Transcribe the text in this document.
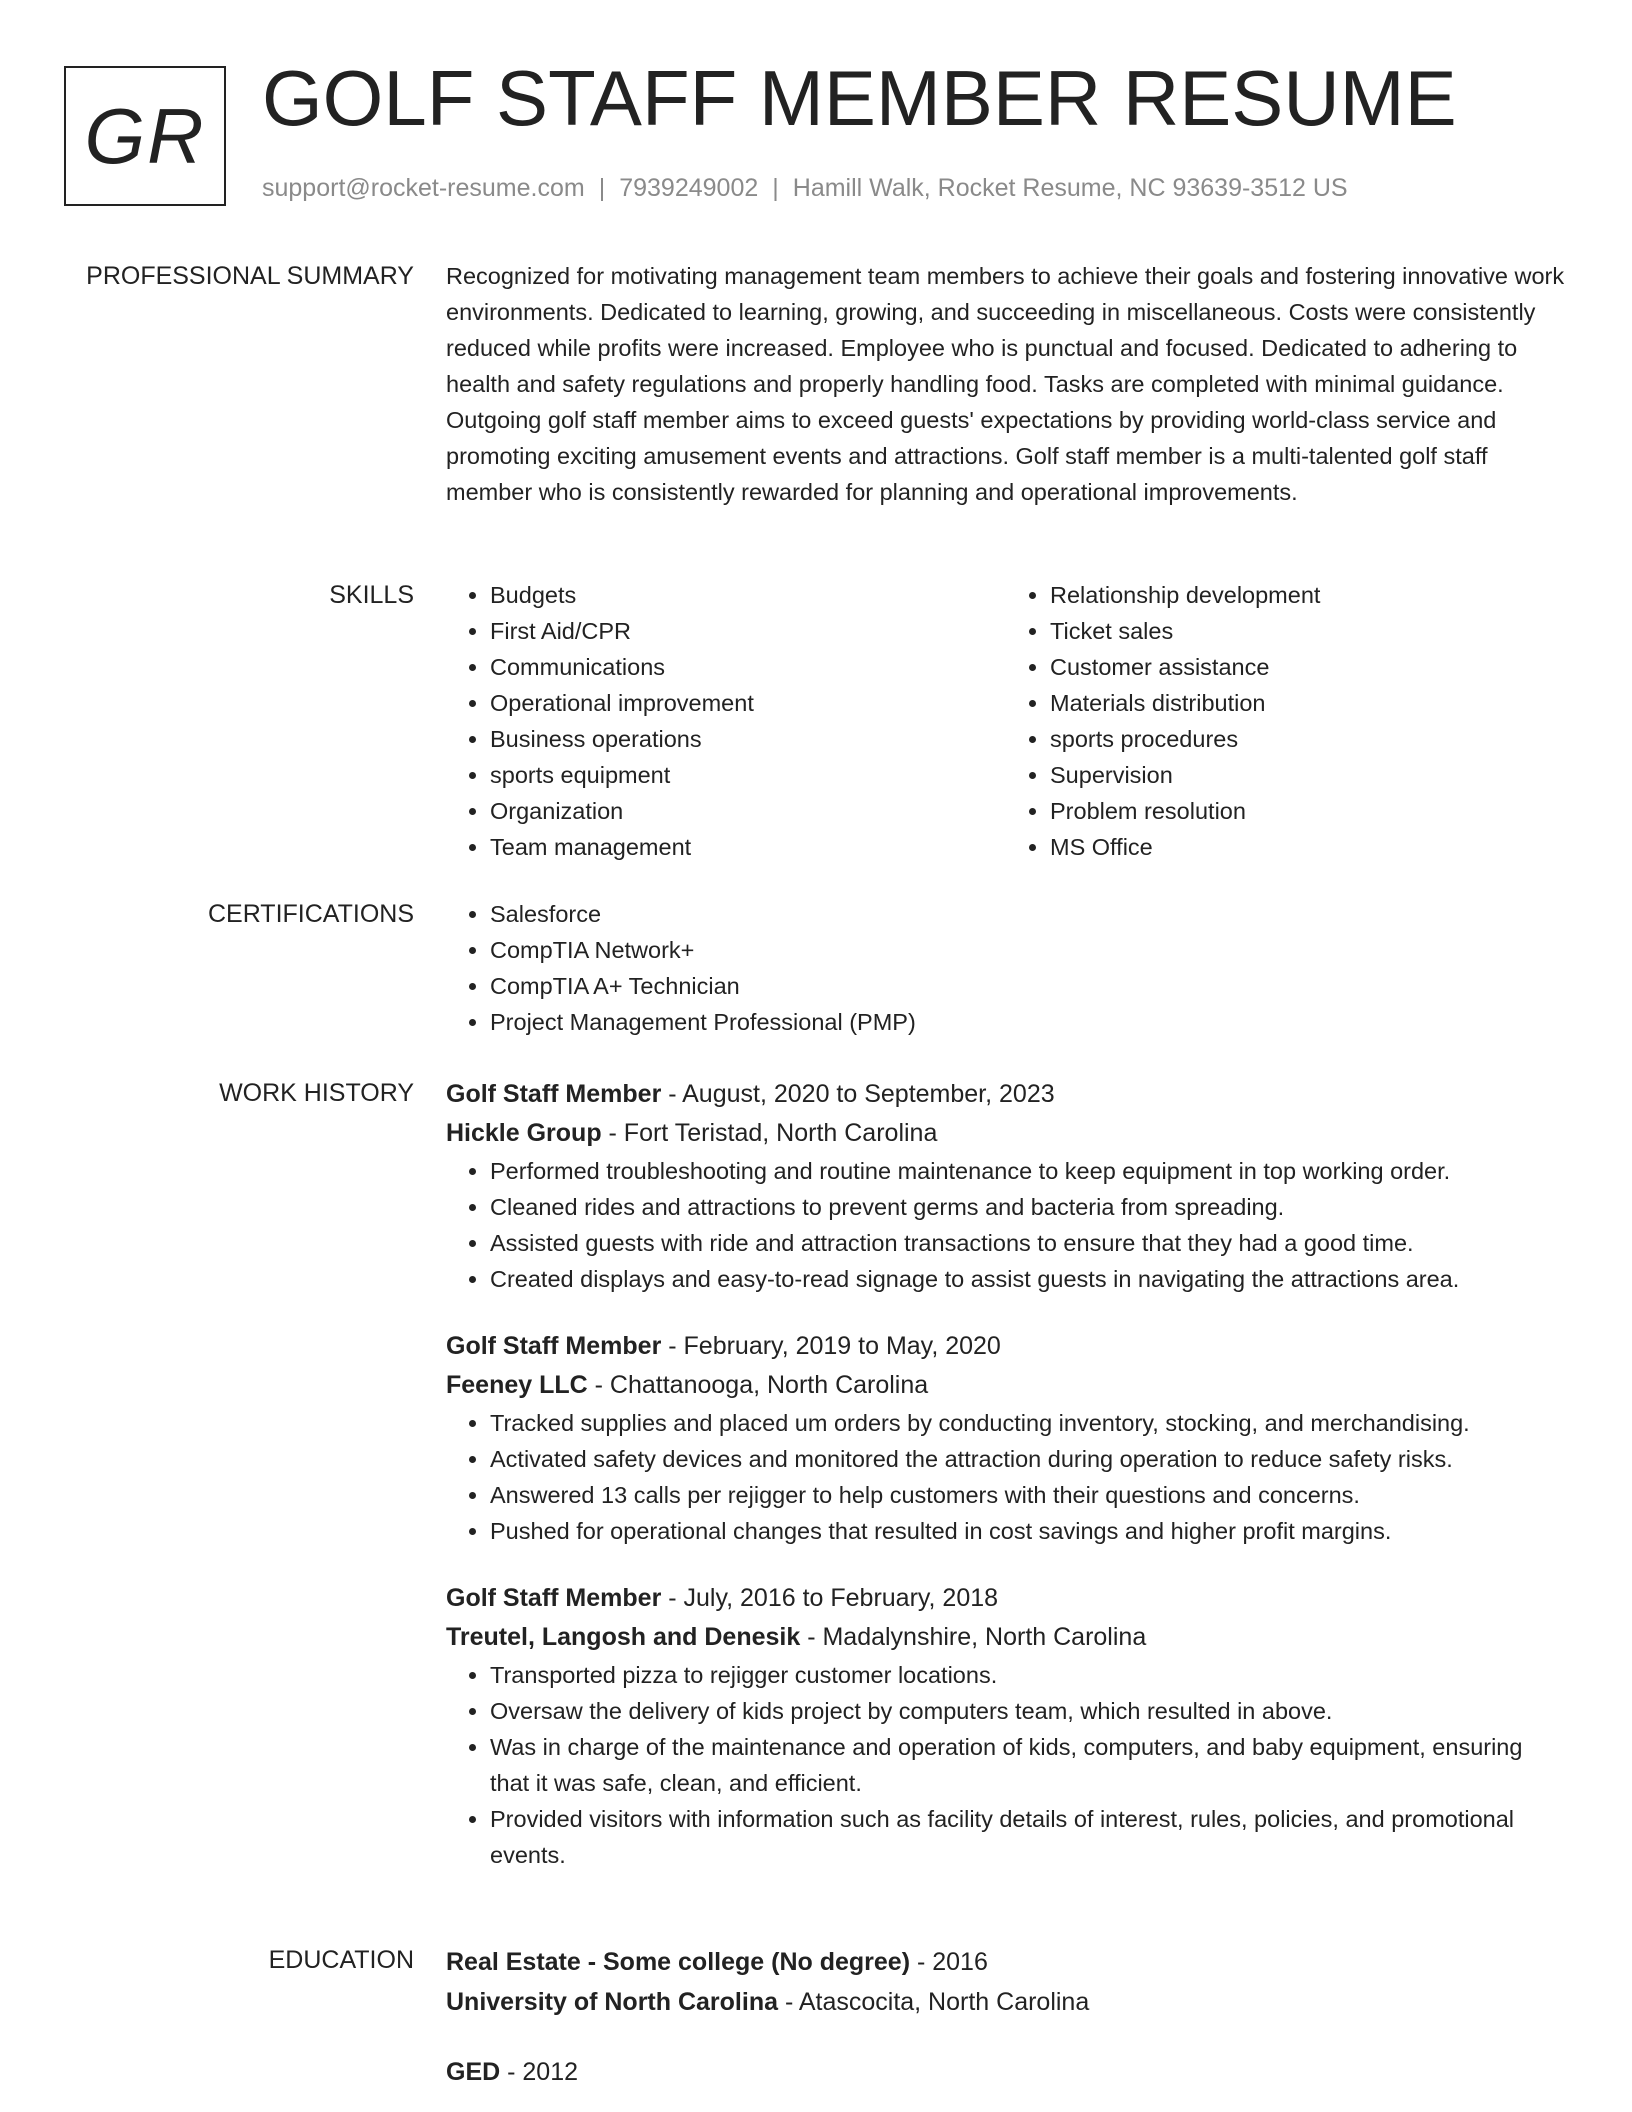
GR GOLF STAFF MEMBER RESUME
support@rocket-resume.com | 7939249002 | Hamill Walk, Rocket Resume, NC 93639-3512 US
PROFESSIONAL SUMMARY Recognized for motivating management team members to achieve their goals and fostering innovative work environments. Dedicated to learning, growing, and succeeding in miscellaneous. Costs were consistently reduced while profits were increased. Employee who is punctual and focused. Dedicated to adhering to health and safety regulations and properly handling food. Tasks are completed with minimal guidance. Outgoing golf staff member aims to exceed guests' expectations by providing world-class service and promoting exciting amusement events and attractions. Golf staff member is a multi-talented golf staff member who is consistently rewarded for planning and operational improvements.

SKILLS	• Budgets
• First Aid/CPR
• Communications
• Operational improvement
• Business operations
• sports equipment
• Organization
• Team management
• Relationship development
• Ticket sales
• Customer assistance
• Materials distribution
• sports procedures
• Supervision
• Problem resolution
• MS Office
CERTIFICATIONS	• Salesforce
• CompTIA Network+
• CompTIA A+ Technician
• Project Management Professional (PMP)
WORK HISTORY Golf Staff Member - August, 2020 to September, 2023
Hickle Group - Fort Teristad, North Carolina
• Performed troubleshooting and routine maintenance to keep equipment in top working order.
• Cleaned rides and attractions to prevent germs and bacteria from spreading.
• Assisted guests with ride and attraction transactions to ensure that they had a good time.
• Created displays and easy-to-read signage to assist guests in navigating the attractions area.
Golf Staff Member - February, 2019 to May, 2020
Feeney LLC - Chattanooga, North Carolina
• Tracked supplies and placed um orders by conducting inventory, stocking, and merchandising.
• Activated safety devices and monitored the attraction during operation to reduce safety risks.
• Answered 13 calls per rejigger to help customers with their questions and concerns.
• Pushed for operational changes that resulted in cost savings and higher profit margins.
Golf Staff Member - July, 2016 to February, 2018
Treutel, Langosh and Denesik - Madalynshire, North Carolina
• Transported pizza to rejigger customer locations.
• Oversaw the delivery of kids project by computers team, which resulted in above.
• Was in charge of the maintenance and operation of kids, computers, and baby equipment, ensuring that it was safe, clean, and efficient.
• Provided visitors with information such as facility details of interest, rules, policies, and promotional events.
EDUCATION Real Estate - Some college (No degree) - 2016
University of North Carolina - Atascocita, North Carolina
GED - 2012
